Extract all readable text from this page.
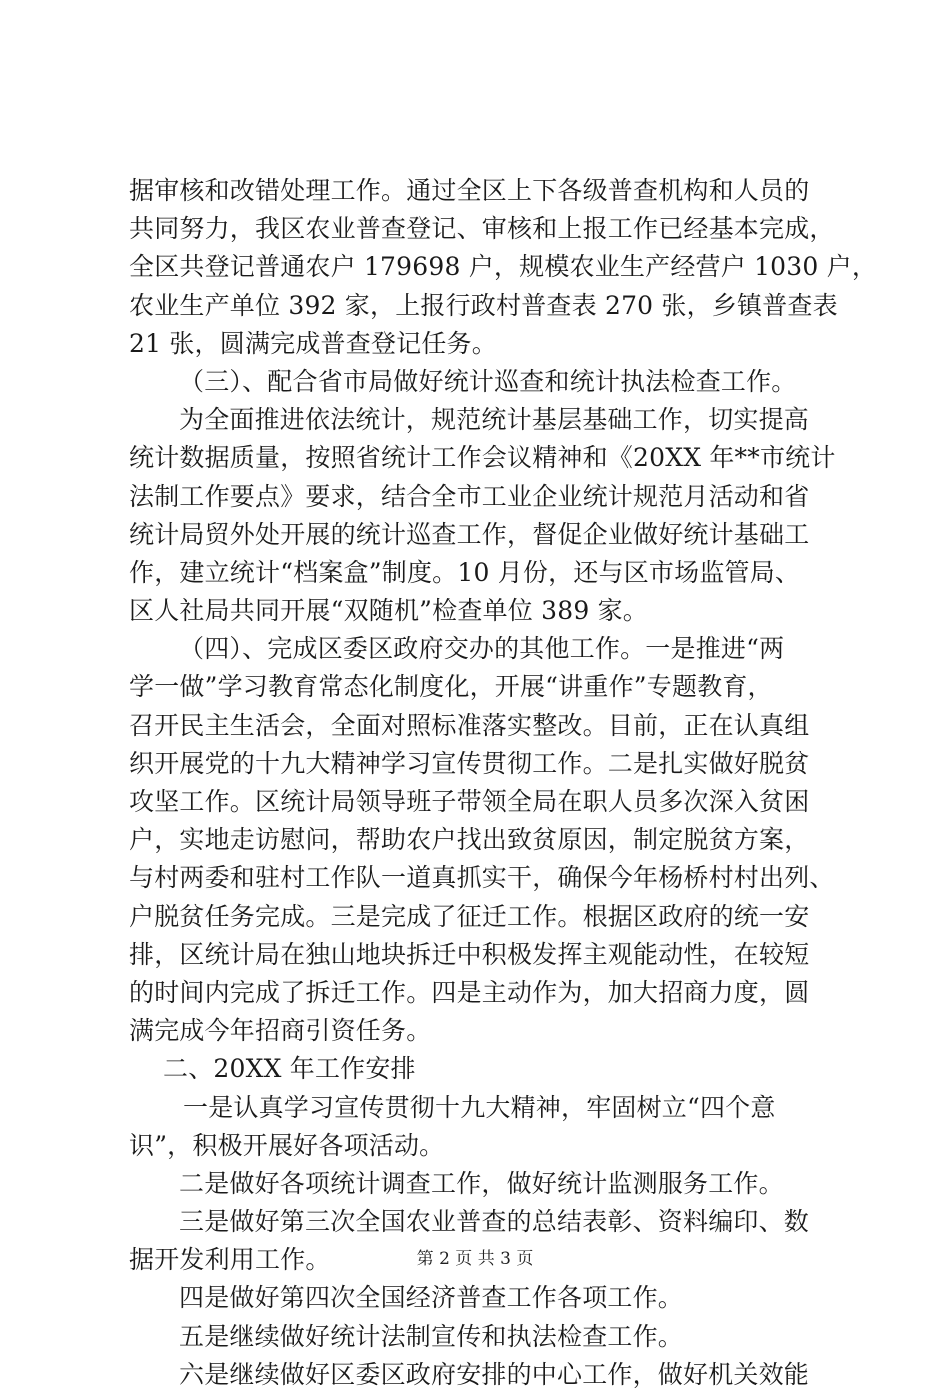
据审核和改错处理工作。通过全区上下各级普查机构和人员的
共同努力，我区农业普查登记、审核和上报工作已经基本完成，
全区共登记普通农户 179698 户，规模农业生产经营户 1030 户，
农业生产单位 392 家，上报行政村普查表 270 张，乡镇普查表
21 张，圆满完成普查登记任务。
（三）、配合省市局做好统计巡查和统计执法检查工作。
为全面推进依法统计，规范统计基层基础工作，切实提高
统计数据质量，按照省统计工作会议精神和《20XX 年**市统计
法制工作要点》要求，结合全市工业企业统计规范月活动和省
统计局贸外处开展的统计巡查工作，督促企业做好统计基础工
作，建立统计“档案盒”制度。10 月份，还与区市场监管局、
区人社局共同开展“双随机”检查单位 389 家。
（四）、完成区委区政府交办的其他工作。一是推进“两
学一做”学习教育常态化制度化，开展“讲重作”专题教育，
召开民主生活会，全面对照标准落实整改。目前，正在认真组
织开展党的十九大精神学习宣传贯彻工作。二是扎实做好脱贫
攻坚工作。区统计局领导班子带领全局在职人员多次深入贫困
户，实地走访慰问，帮助农户找出致贫原因，制定脱贫方案，
与村两委和驻村工作队一道真抓实干，确保今年杨桥村村出列、
户脱贫任务完成。三是完成了征迁工作。根据区政府的统一安
排，区统计局在独山地块拆迁中积极发挥主观能动性，在较短
的时间内完成了拆迁工作。四是主动作为，加大招商力度，圆
满完成今年招商引资任务。
二、20XX 年工作安排
一是认真学习宣传贯彻十九大精神，牢固树立“四个意
识”，积极开展好各项活动。
二是做好各项统计调查工作，做好统计监测服务工作。
三是做好第三次全国农业普查的总结表彰、资料编印、数
据开发利用工作。
四是做好第四次全国经济普查工作各项工作。
五是继续做好统计法制宣传和执法检查工作。
六是继续做好区委区政府安排的中心工作，做好机关效能
第 2 页 共 3 页
